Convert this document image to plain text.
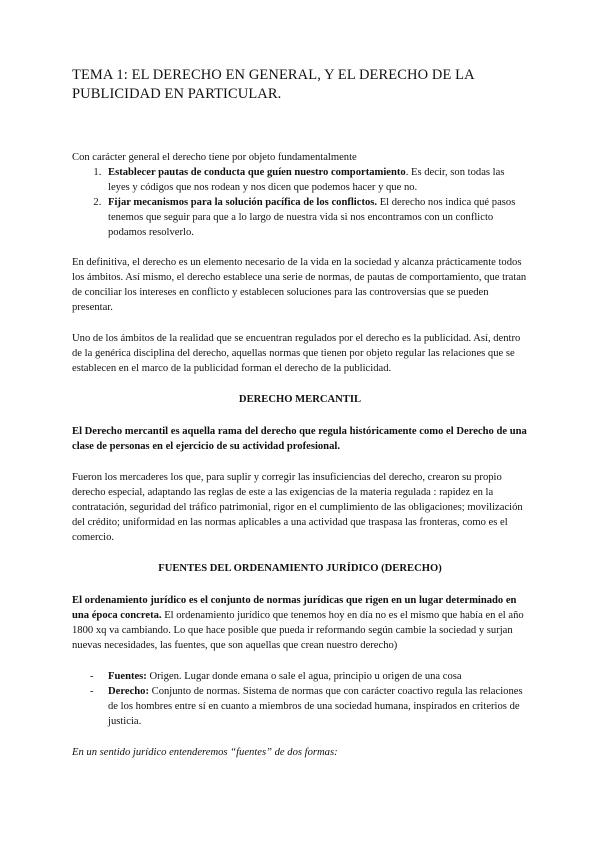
TEMA 1: EL DERECHO EN GENERAL, Y EL DERECHO DE LA PUBLICIDAD EN PARTICULAR.

Con carácter general el derecho tiene por objeto fundamentalmente

1. Establecer pautas de conducta que guíen nuestro comportamiento. Es decir, son todas las leyes y códigos que nos rodean y nos dicen que podemos hacer y que no.
2. Fijar mecanismos para la solución pacífica de los conflictos. El derecho nos indica qué pasos tenemos que seguir para que a lo largo de nuestra vida si nos encontramos con un conflicto podamos resolverlo.

En definitiva, el derecho es un elemento necesario de la vida en la sociedad y alcanza prácticamente todos los ámbitos. Así mismo, el derecho establece una serie de normas, de pautas de comportamiento, que tratan de conciliar los intereses en conflicto y establecen soluciones para las controversias que se pueden presentar.

Uno de los ámbitos de la realidad que se encuentran regulados por el derecho es la publicidad. Así, dentro de la genérica disciplina del derecho, aquellas normas que tienen por objeto regular las relaciones que se establecen en el marco de la publicidad forman el derecho de la publicidad.

DERECHO MERCANTIL

El Derecho mercantil es aquella rama del derecho que regula históricamente como el Derecho de una clase de personas en el ejercicio de su actividad profesional.

Fueron los mercaderes los que, para suplir y corregir las insuficiencias del derecho, crearon su propio derecho especial, adaptando las reglas de este a las exigencias de la materia regulada : rapidez en la contratación, seguridad del tráfico patrimonial, rigor en el cumplimiento de las obligaciones; movilización del crédito; uniformidad en las normas aplicables a una actividad que traspasa las fronteras, como es el comercio.

FUENTES DEL ORDENAMIENTO JURÍDICO (DERECHO)

El ordenamiento jurídico es el conjunto de normas jurídicas que rigen en un lugar determinado en una época concreta. El ordenamiento jurídico que tenemos hoy en día no es el mismo que había en el año 1800 xq va cambiando. Lo que hace posible que pueda ir reformando según cambie la sociedad y surjan nuevas necesidades, las fuentes, que son aquellas que crean nuestro derecho)

- Fuentes: Origen. Lugar donde emana o sale el agua, principio u origen de una cosa
- Derecho: Conjunto de normas. Sistema de normas que con carácter coactivo regula las relaciones de los hombres entre sí en cuanto a miembros de una sociedad humana, inspirados en criterios de justicia.

En un sentido jurídico entenderemos “fuentes” de dos formas:
